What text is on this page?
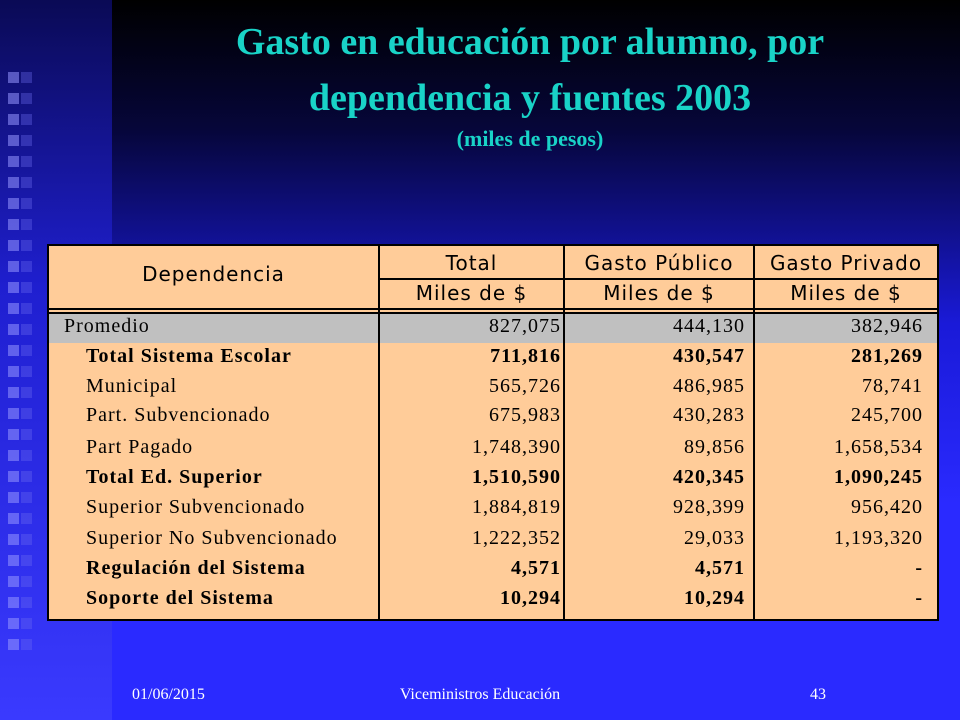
Gasto en educación por alumno, por
dependencia y fuentes 2003
(miles de pesos)
Dependencia	Total	Gasto Público	Gasto Privado
Miles de $	Miles de $	Miles de $
Promedio	827,075	444,130	382,946
Total Sistema Escolar	711,816	430,547	281,269
Municipal	565,726	486,985	78,741
Part. Subvencionado	675,983	430,283	245,700
Part Pagado	1,748,390	89,856	1,658,534
Total Ed. Superior	1,510,590	420,345	1,090,245
Superior Subvencionado	1,884,819	928,399	956,420
Superior No Subvencionado	1,222,352	29,033	1,193,320
Regulación del Sistema	4,571	4,571	-
Soporte del Sistema	10,294	10,294	-
01/06/2015	Viceministros Educación	43
